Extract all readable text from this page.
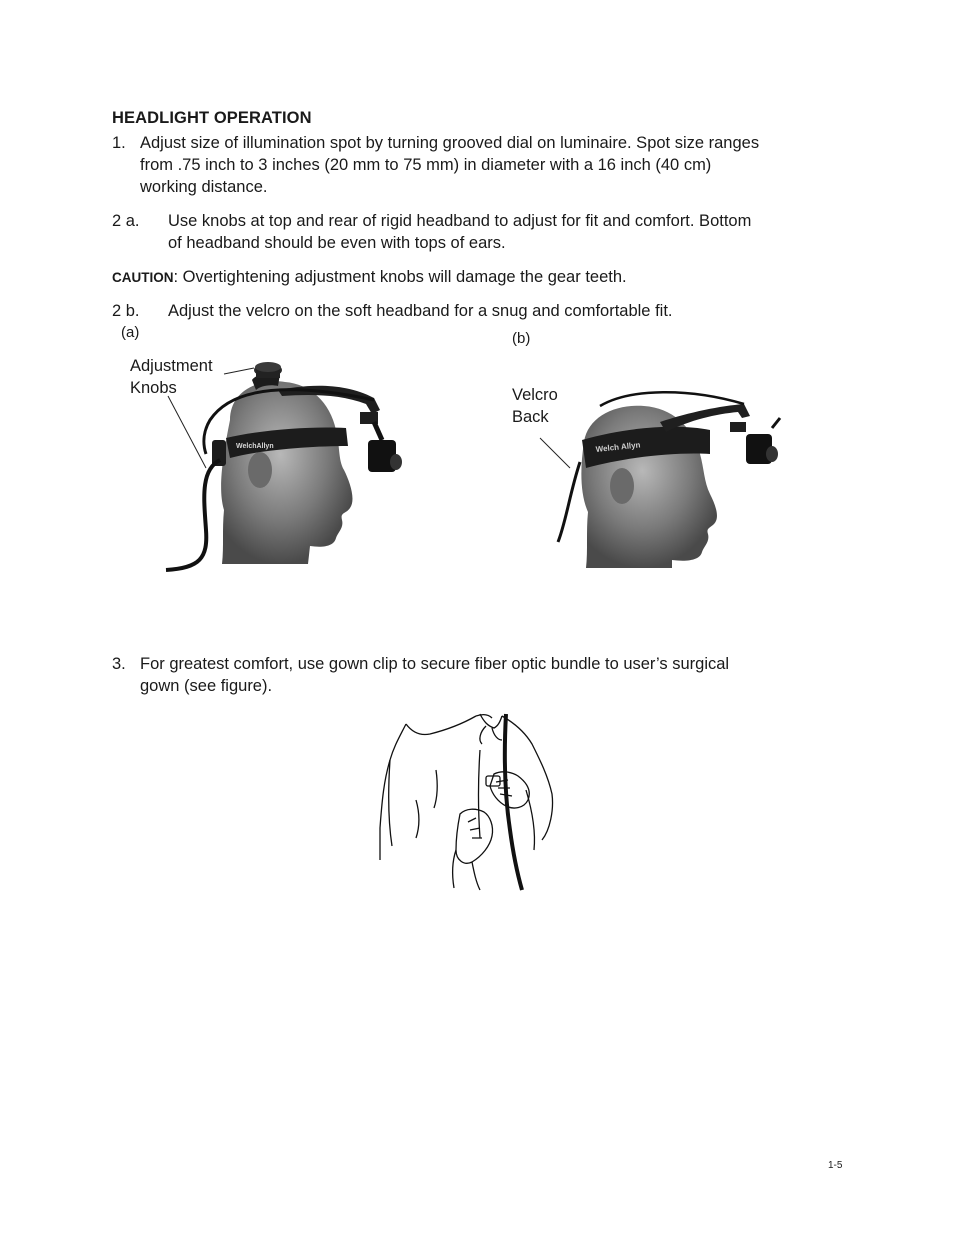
HEADLIGHT OPERATION
1. Adjust size of illumination spot by turning grooved dial on luminaire. Spot size ranges
from .75 inch to 3 inches (20 mm to 75 mm) in diameter with a 16 inch (40 cm)
working distance.
2 a. Use knobs at top and rear of rigid headband to adjust for fit and comfort. Bottom
of headband should be even with tops of ears.
CAUTION: Overtightening adjustment knobs will damage the gear teeth.
2 b. Adjust the velcro on the soft headband for a snug and comfortable fit.
(a)
Adjustment
Knobs
WelchAllyn
(b)
Velcro
Back
Welch Allyn
3. For greatest comfort, use gown clip to secure fiber optic bundle to user’s surgical
gown (see figure).
1-5
